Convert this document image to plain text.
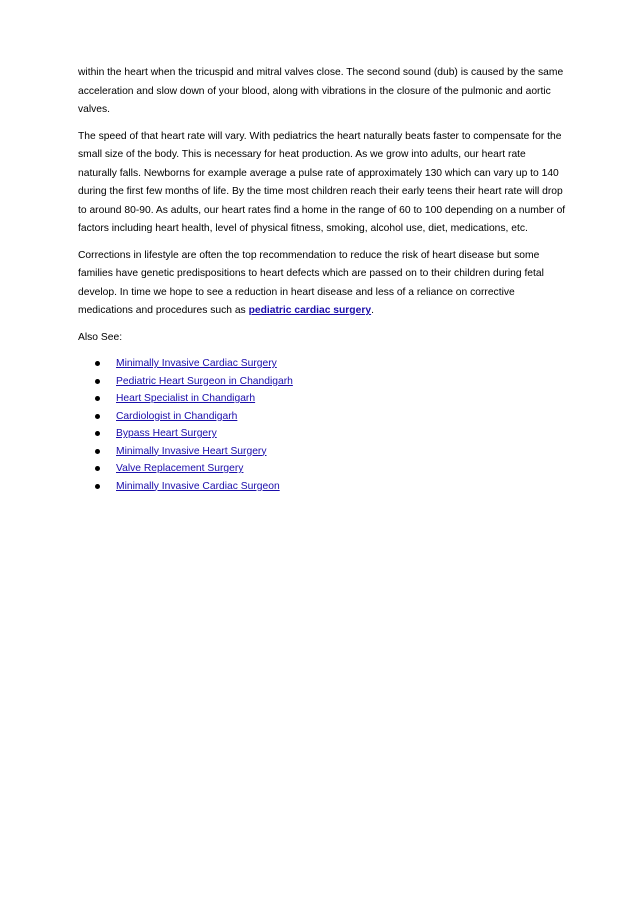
within the heart when the tricuspid and mitral valves close. The second sound (dub) is caused by the same acceleration and slow down of your blood, along with vibrations in the closure of the pulmonic and aortic valves.

The speed of that heart rate will vary. With pediatrics the heart naturally beats faster to compensate for the small size of the body. This is necessary for heat production. As we grow into adults, our heart rate naturally falls. Newborns for example average a pulse rate of approximately 130 which can vary up to 140 during the first few months of life. By the time most children reach their early teens their heart rate will drop to around 80-90. As adults, our heart rates find a home in the range of 60 to 100 depending on a number of factors including heart health, level of physical fitness, smoking, alcohol use, diet, medications, etc.

Corrections in lifestyle are often the top recommendation to reduce the risk of heart disease but some families have genetic predispositions to heart defects which are passed on to their children during fetal develop. In time we hope to see a reduction in heart disease and less of a reliance on corrective medications and procedures such as pediatric cardiac surgery.

Also See:

Minimally Invasive Cardiac Surgery
Pediatric Heart Surgeon in Chandigarh
Heart Specialist in Chandigarh
Cardiologist in Chandigarh
Bypass Heart Surgery
Minimally Invasive Heart Surgery
Valve Replacement Surgery
Minimally Invasive Cardiac Surgeon
